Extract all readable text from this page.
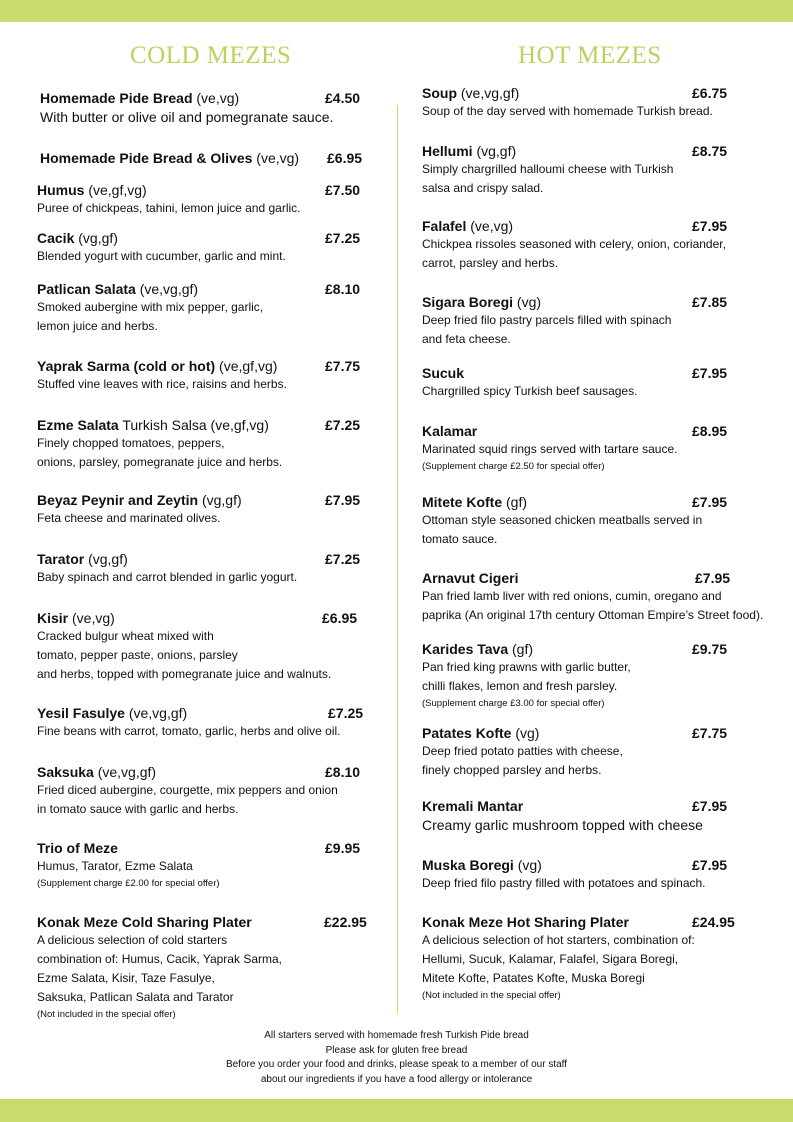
COLD MEZES	HOT MEZES
Homemade Pide Bread (ve,vg)	£4.50
With butter or olive oil and pomegranate sauce.
Homemade Pide Bread & Olives (ve,vg)	£6.95
Humus (ve,gf,vg)	£7.50
Puree of chickpeas, tahini, lemon juice and garlic.
Cacik (vg,gf)	£7.25
Blended yogurt with cucumber, garlic and mint.
Patlican Salata (ve,vg,gf)	£8.10
Smoked aubergine with mix pepper, garlic,
lemon juice and herbs.
Yaprak Sarma (cold or hot) (ve,gf,vg)	£7.75
Stuffed vine leaves with rice, raisins and herbs.
Ezme Salata Turkish Salsa (ve,gf,vg)	£7.25
Finely chopped tomatoes, peppers,
onions, parsley, pomegranate juice and herbs.
Beyaz Peynir and Zeytin (vg,gf)	£7.95
Feta cheese and marinated olives.
Tarator (vg,gf)	£7.25
Baby spinach and carrot blended in garlic yogurt.
Kisir (ve,vg)	£6.95
Cracked bulgur wheat mixed with
tomato, pepper paste, onions, parsley
and herbs, topped with pomegranate juice and walnuts.
Yesil Fasulye (ve,vg,gf)	£7.25
Fine beans with carrot, tomato, garlic, herbs and olive oil.
Saksuka (ve,vg,gf)	£8.10
Fried diced aubergine, courgette, mix peppers and onion
in tomato sauce with garlic and herbs.
Trio of Meze	£9.95
Humus, Tarator, Ezme Salata
(Supplement charge £2.00 for special offer)
Konak Meze Cold Sharing Plater	£22.95
A delicious selection of cold starters
combination of: Humus, Cacik, Yaprak Sarma,
Ezme Salata, Kisir, Taze Fasulye,
Saksuka, Patlican Salata and Tarator
(Not included in the special offer)
Soup (ve,vg,gf)	£6.75
Soup of the day served with homemade Turkish bread.
Hellumi (vg,gf)	£8.75
Simply chargrilled halloumi cheese with Turkish
salsa and crispy salad.
Falafel (ve,vg)	£7.95
Chickpea rissoles seasoned with celery, onion, coriander,
carrot, parsley and herbs.
Sigara Boregi (vg)	£7.85
Deep fried filo pastry parcels filled with spinach
and feta cheese.
Sucuk	£7.95
Chargrilled spicy Turkish beef sausages.
Kalamar	£8.95
Marinated squid rings served with tartare sauce.
(Supplement charge £2.50 for special offer)
Mitete Kofte (gf)	£7.95
Ottoman style seasoned chicken meatballs served in
tomato sauce.
Arnavut Cigeri	£7.95
Pan fried lamb liver with red onions, cumin, oregano and
paprika (An original 17th century Ottoman Empire’s Street food).
Karides Tava (gf)	£9.75
Pan fried king prawns with garlic butter,
chilli flakes, lemon and fresh parsley.
(Supplement charge £3.00 for special offer)
Patates Kofte (vg)	£7.75
Deep fried potato patties with cheese,
finely chopped parsley and herbs.
Kremali Mantar	£7.95
Creamy garlic mushroom topped with cheese
Muska Boregi (vg)	£7.95
Deep fried filo pastry filled with potatoes and spinach.
Konak Meze Hot Sharing Plater	£24.95
A delicious selection of hot starters, combination of:
Hellumi, Sucuk, Kalamar, Falafel, Sigara Boregi,
Mitete Kofte, Patates Kofte, Muska Boregi
(Not included in the special offer)
All starters served with homemade fresh Turkish Pide bread
Please ask for gluten free bread
Before you order your food and drinks, please speak to a member of our staff
about our ingredients if you have a food allergy or intolerance
